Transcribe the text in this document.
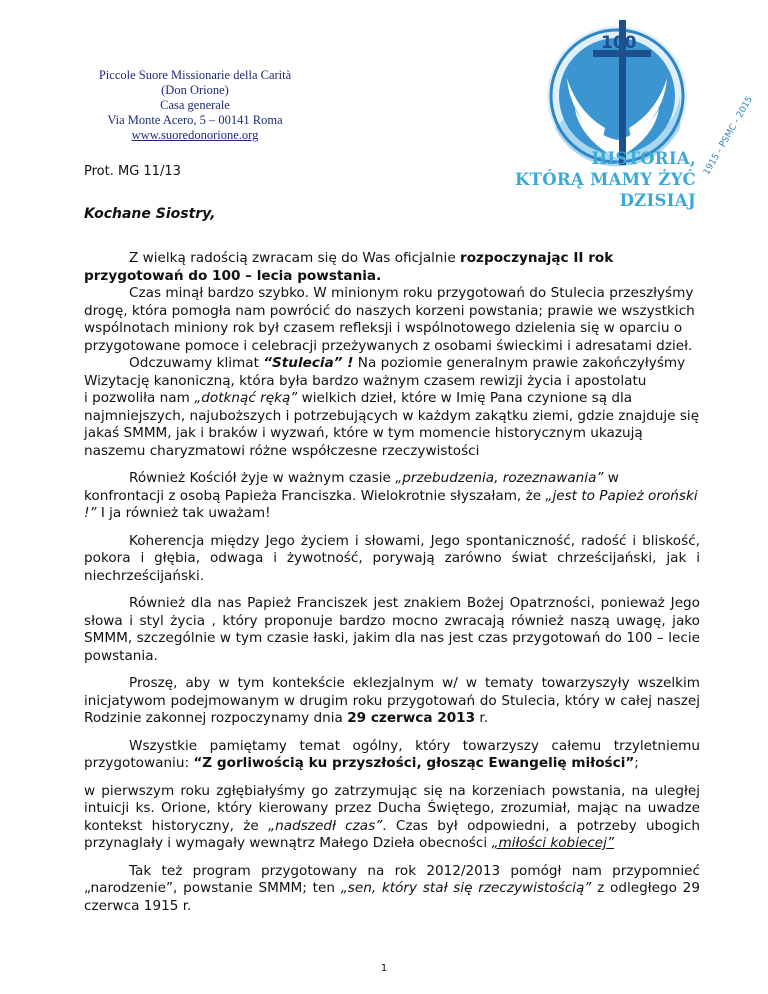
Piccole Suore Missionarie della Carità
(Don Orione)
Casa generale
Via Monte Acero, 5 – 00141 Roma
www.suoredonorione.org
100
1915 - PSMC - 2015
HISTORIA,
KTÓRĄ MAMY ŻYĆ
DZISIAJ
Prot. MG 11/13
Kochane Siostry,

Z wielką radością zwracam się do Was oficjalnie rozpoczynając II rok przygotowań do 100 – lecia powstania.

Czas minął bardzo szybko. W minionym roku przygotowań do Stulecia przeszłyśmy drogę, która pomogła nam powrócić do naszych korzeni powstania; prawie we wszystkich wspólnotach miniony rok był czasem refleksji i wspólnotowego dzielenia się w oparciu o przygotowane pomoce i celebracji przeżywanych z osobami świeckimi i adresatami dzieł.

Odczuwamy klimat “Stulecia” ! Na poziomie generalnym prawie zakończyłyśmy Wizytację kanoniczną, która była bardzo ważnym czasem rewizji życia i apostolatu

i pozwoliła nam „dotknąć ręką” wielkich dzieł, które w Imię Pana czynione są dla najmniejszych, najuboższych i potrzebujących w każdym zakątku ziemi, gdzie znajduje się jakaś SMMM, jak i braków i wyzwań, które w tym momencie historycznym ukazują naszemu charyzmatowi różne współczesne rzeczywistości

Również Kościół żyje w ważnym czasie „przebudzenia, rozeznawania” w konfrontacji z osobą Papieża Franciszka. Wielokrotnie słyszałam, że „jest to Papież oroński !” I ja również tak uważam!

Koherencja między Jego życiem i słowami, Jego spontaniczność, radość i bliskość, pokora i głębia, odwaga i żywotność, porywają zarówno świat chrześcijański, jak i niechrześcijański.

Również dla nas Papież Franciszek jest znakiem Bożej Opatrzności, ponieważ Jego słowa i styl życia , który proponuje bardzo mocno zwracają również naszą uwagę, jako SMMM, szczególnie w tym czasie łaski, jakim dla nas jest czas przygotowań do 100 – lecie powstania.

Proszę, aby w tym kontekście eklezjalnym w/ w tematy towarzyszyły wszelkim inicjatywom podejmowanym w drugim roku przygotowań do Stulecia, który w całej naszej Rodzinie zakonnej rozpoczynamy dnia 29 czerwca 2013 r.

Wszystkie pamiętamy temat ogólny, który towarzyszy całemu trzyletniemu przygotowaniu: “Z gorliwością ku przyszłości, głosząc Ewangelię miłości”;

w pierwszym roku zgłębiałyśmy go zatrzymując się na korzeniach powstania, na uległej intuicji ks. Orione, który kierowany przez Ducha Świętego, zrozumiał, mając na uwadze kontekst historyczny, że „nadszedł czas”. Czas był odpowiedni, a potrzeby ubogich przynaglały i wymagały wewnątrz Małego Dzieła obecności „miłości kobiecej”

Tak też program przygotowany na rok 2012/2013 pomógł nam przypomnieć „narodzenie”, powstanie SMMM; ten „sen, który stał się rzeczywistością” z odległego 29 czerwca 1915 r.

1
